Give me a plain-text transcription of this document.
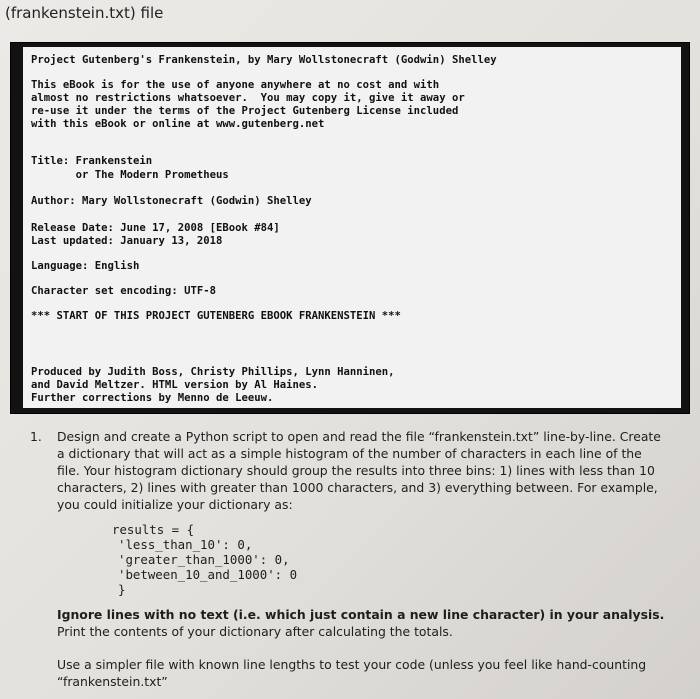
(frankenstein.txt) file

Project Gutenberg's Frankenstein, by Mary Wollstonecraft (Godwin) Shelley

This eBook is for the use of anyone anywhere at no cost and with

almost no restrictions whatsoever.  You may copy it, give it away or

re-use it under the terms of the Project Gutenberg License included

with this eBook or online at www.gutenberg.net

Title: Frankenstein

or The Modern Prometheus

Author: Mary Wollstonecraft (Godwin) Shelley

Release Date: June 17, 2008 [EBook #84]

Last updated: January 13, 2018

Language: English

Character set encoding: UTF-8

*** START OF THIS PROJECT GUTENBERG EBOOK FRANKENSTEIN ***

Produced by Judith Boss, Christy Phillips, Lynn Hanninen,

and David Meltzer. HTML version by Al Haines.

Further corrections by Menno de Leeuw.

1. Design and create a Python script to open and read the file “frankenstein.txt” line-by-line. Create a dictionary that will act as a simple histogram of the number of characters in each line of the file. Your histogram dictionary should group the results into three bins: 1) lines with less than 10 characters, 2) lines with greater than 1000 characters, and 3) everything between. For example, you could initialize your dictionary as:

results = {
'less_than_10': 0,
'greater_than_1000': 0,
'between_10_and_1000': 0
}

Ignore lines with no text (i.e. which just contain a new line character) in your analysis. Print the contents of your dictionary after calculating the totals.

Use a simpler file with known line lengths to test your code (unless you feel like hand-counting “frankenstein.txt”
